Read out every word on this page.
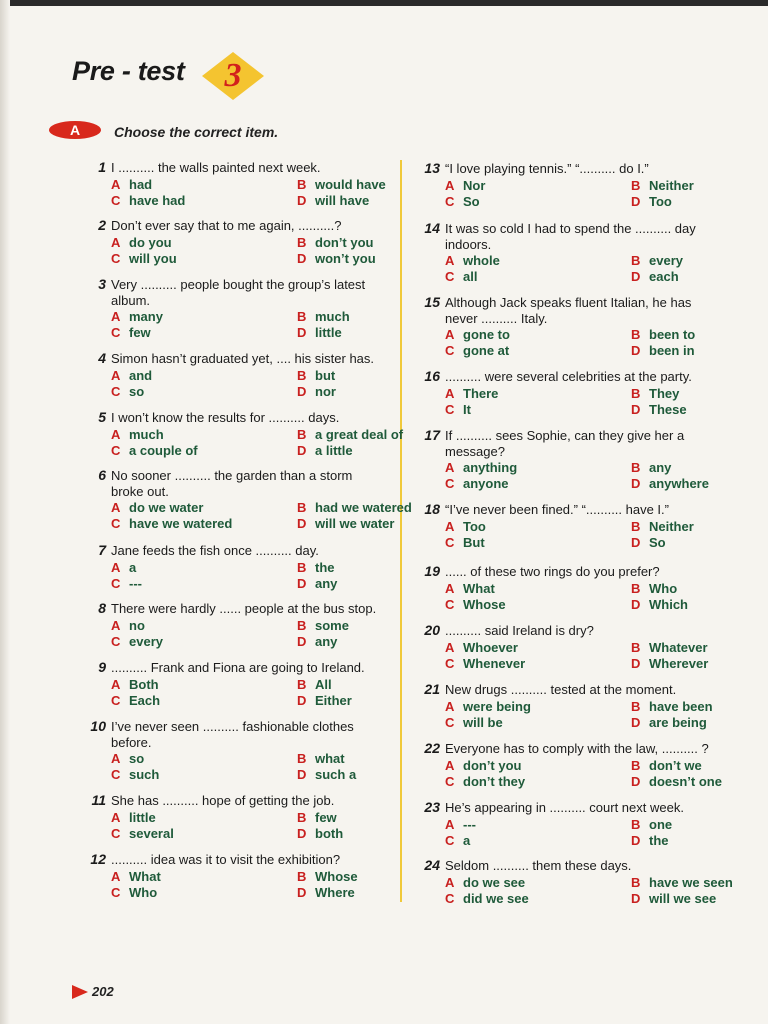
Pre - test 3
A Choose the correct item.
1 I .......... the walls painted next week.
A had	B would have
C have had	D will have
2 Don’t ever say that to me again, ..........?
A do you	B don’t you
C will you	D won’t you
3 Very .......... people bought the group’s latest
album.
A many	B much
C few	D little
4 Simon hasn’t graduated yet, .... his sister has.
A and	B but
C so	D nor
5 I won’t know the results for .......... days.
A much	B a great deal of
C a couple of	D a little
6 No sooner .......... the garden than a storm
broke out.
A do we water	B had we watered
C have we watered	D will we water
7 Jane feeds the fish once .......... day.
A a	B the
C ---	D any
8 There were hardly ...... people at the bus stop.
A no	B some
C every	D any
9 .......... Frank and Fiona are going to Ireland.
A Both	B All
C Each	D Either
10 I’ve never seen .......... fashionable clothes
before.
A so	B what
C such	D such a
11 She has .......... hope of getting the job.
A little	B few
C several	D both
12 .......... idea was it to visit the exhibition?
A What	B Whose
C Who	D Where
13 “I love playing tennis.” “.......... do I.”
A Nor	B Neither
C So	D Too
14 It was so cold I had to spend the .......... day
indoors.
A whole	B every
C all	D each
15 Although Jack speaks fluent Italian, he has
never .......... Italy.
A gone to	B been to
C gone at	D been in
16 .......... were several celebrities at the party.
A There	B They
C It	D These
17 If .......... sees Sophie, can they give her a
message?
A anything	B any
C anyone	D anywhere
18 “I’ve never been fined.” “.......... have I.”
A Too	B Neither
C But	D So
19 ...... of these two rings do you prefer?
A What	B Who
C Whose	D Which
20 .......... said Ireland is dry?
A Whoever	B Whatever
C Whenever	D Wherever
21 New drugs .......... tested at the moment.
A were being	B have been
C will be	D are being
22 Everyone has to comply with the law, .......... ?
A don’t you	B don’t we
C don’t they	D doesn’t one
23 He’s appearing in .......... court next week.
A ---	B one
C a	D the
24 Seldom .......... them these days.
A do we see	B have we seen
C did we see	D will we see
202
